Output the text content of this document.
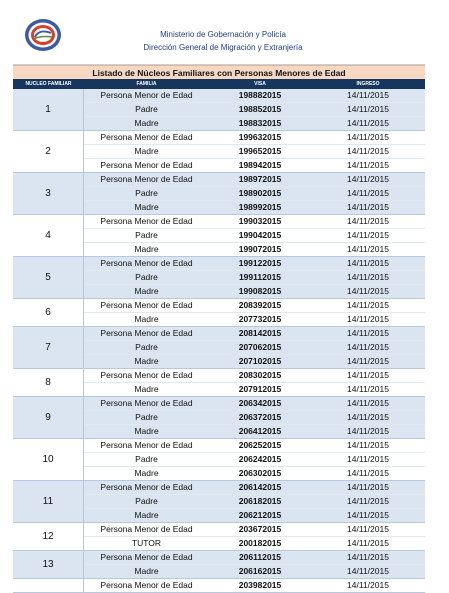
Ministerio de Gobernación y Policía
Dirección General de Migración y Extranjería
Listado de Núcleos Familiares con Personas Menores de Edad
NUCLEO FAMILIAR	FAMILIA	VISA	INGRESO
1
Persona Menor de Edad	198882015	14/11/2015
Padre	198852015	14/11/2015
Madre	198832015	14/11/2015
2
Persona Menor de Edad	199632015	14/11/2015
Madre	199652015	14/11/2015
Persona Menor de Edad	198942015	14/11/2015
3
Persona Menor de Edad	198972015	14/11/2015
Padre	198902015	14/11/2015
Madre	198992015	14/11/2015
4
Persona Menor de Edad	199032015	14/11/2015
Padre	199042015	14/11/2015
Madre	199072015	14/11/2015
5
Persona Menor de Edad	199122015	14/11/2015
Padre	199112015	14/11/2015
Madre	199082015	14/11/2015
6
Persona Menor de Edad	208392015	14/11/2015
Madre	207732015	14/11/2015
7
Persona Menor de Edad	208142015	14/11/2015
Padre	207062015	14/11/2015
Madre	207102015	14/11/2015
8
Persona Menor de Edad	208302015	14/11/2015
Madre	207912015	14/11/2015
9
Persona Menor de Edad	206342015	14/11/2015
Padre	206372015	14/11/2015
Madre	206412015	14/11/2015
10
Persona Menor de Edad	206252015	14/11/2015
Padre	206242015	14/11/2015
Madre	206302015	14/11/2015
11
Persona Menor de Edad	206142015	14/11/2015
Padre	206182015	14/11/2015
Madre	206212015	14/11/2015
12
Persona Menor de Edad	203672015	14/11/2015
TUTOR	200182015	14/11/2015
13
Persona Menor de Edad	206112015	14/11/2015
Madre	206162015	14/11/2015
Persona Menor de Edad	203982015	14/11/2015
